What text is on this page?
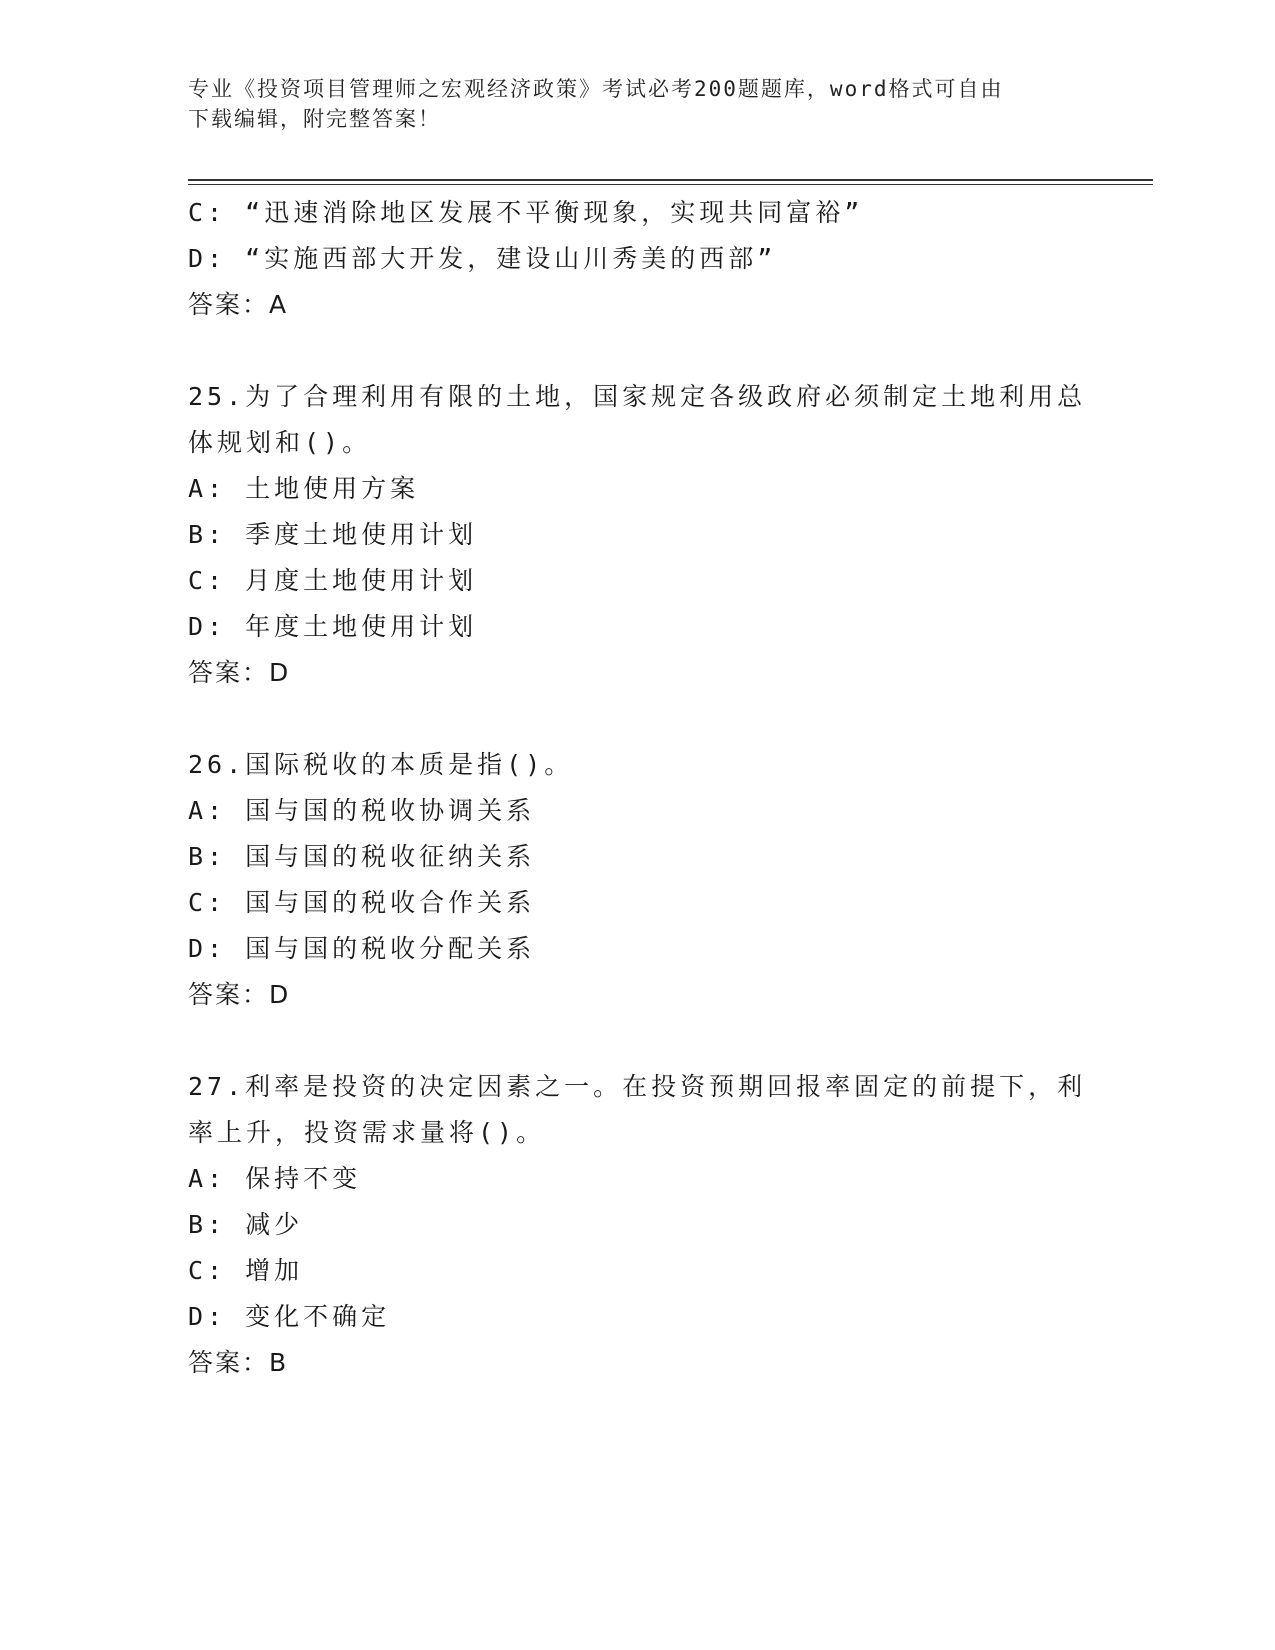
专业《投资项目管理师之宏观经济政策》考试必考200题题库，word格式可自由
下载编辑，附完整答案！
C: “迅速消除地区发展不平衡现象，实现共同富裕”
D: “实施西部大开发，建设山川秀美的西部”
答案：A
25.为了合理利用有限的土地，国家规定各级政府必须制定土地利用总
体规划和()。
A: 土地使用方案
B: 季度土地使用计划
C: 月度土地使用计划
D: 年度土地使用计划
答案：D
26.国际税收的本质是指()。
A: 国与国的税收协调关系
B: 国与国的税收征纳关系
C: 国与国的税收合作关系
D: 国与国的税收分配关系
答案：D
27.利率是投资的决定因素之一。在投资预期回报率固定的前提下，利
率上升，投资需求量将()。
A: 保持不变
B: 减少
C: 增加
D: 变化不确定
答案：B
